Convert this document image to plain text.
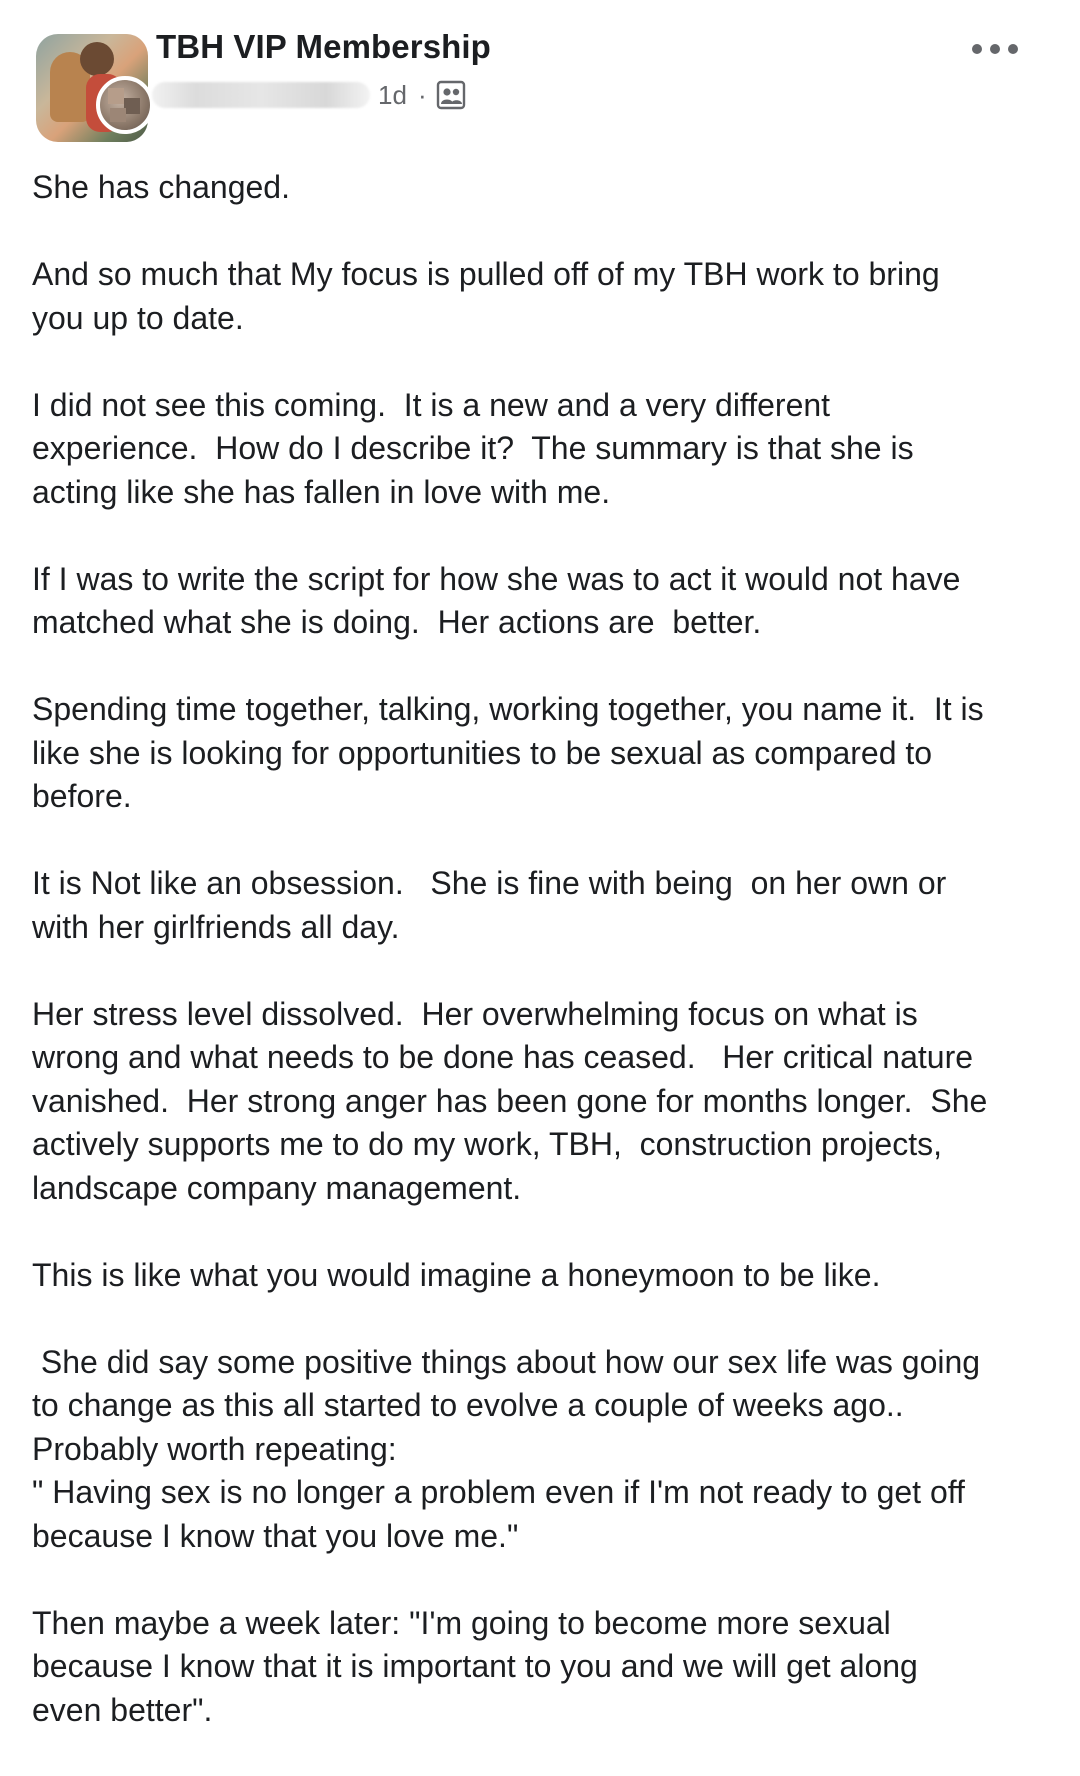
TBH VIP Membership
1d ·
She has changed.
And so much that My focus is pulled off of my TBH work to bring
you up to date.
I did not see this coming.  It is a new and a very different
experience.  How do I describe it?  The summary is that she is
acting like she has fallen in love with me.
If I was to write the script for how she was to act it would not have
matched what she is doing.  Her actions are  better.
Spending time together, talking, working together, you name it.  It is
like she is looking for opportunities to be sexual as compared to
before.
It is Not like an obsession.   She is fine with being  on her own or
with her girlfriends all day.
Her stress level dissolved.  Her overwhelming focus on what is
wrong and what needs to be done has ceased.   Her critical nature
vanished.  Her strong anger has been gone for months longer.  She
actively supports me to do my work, TBH,  construction projects,
landscape company management.
This is like what you would imagine a honeymoon to be like.
She did say some positive things about how our sex life was going
to change as this all started to evolve a couple of weeks ago..
Probably worth repeating:
" Having sex is no longer a problem even if I'm not ready to get off
because I know that you love me."
Then maybe a week later: "I'm going to become more sexual
because I know that it is important to you and we will get along
even better".
